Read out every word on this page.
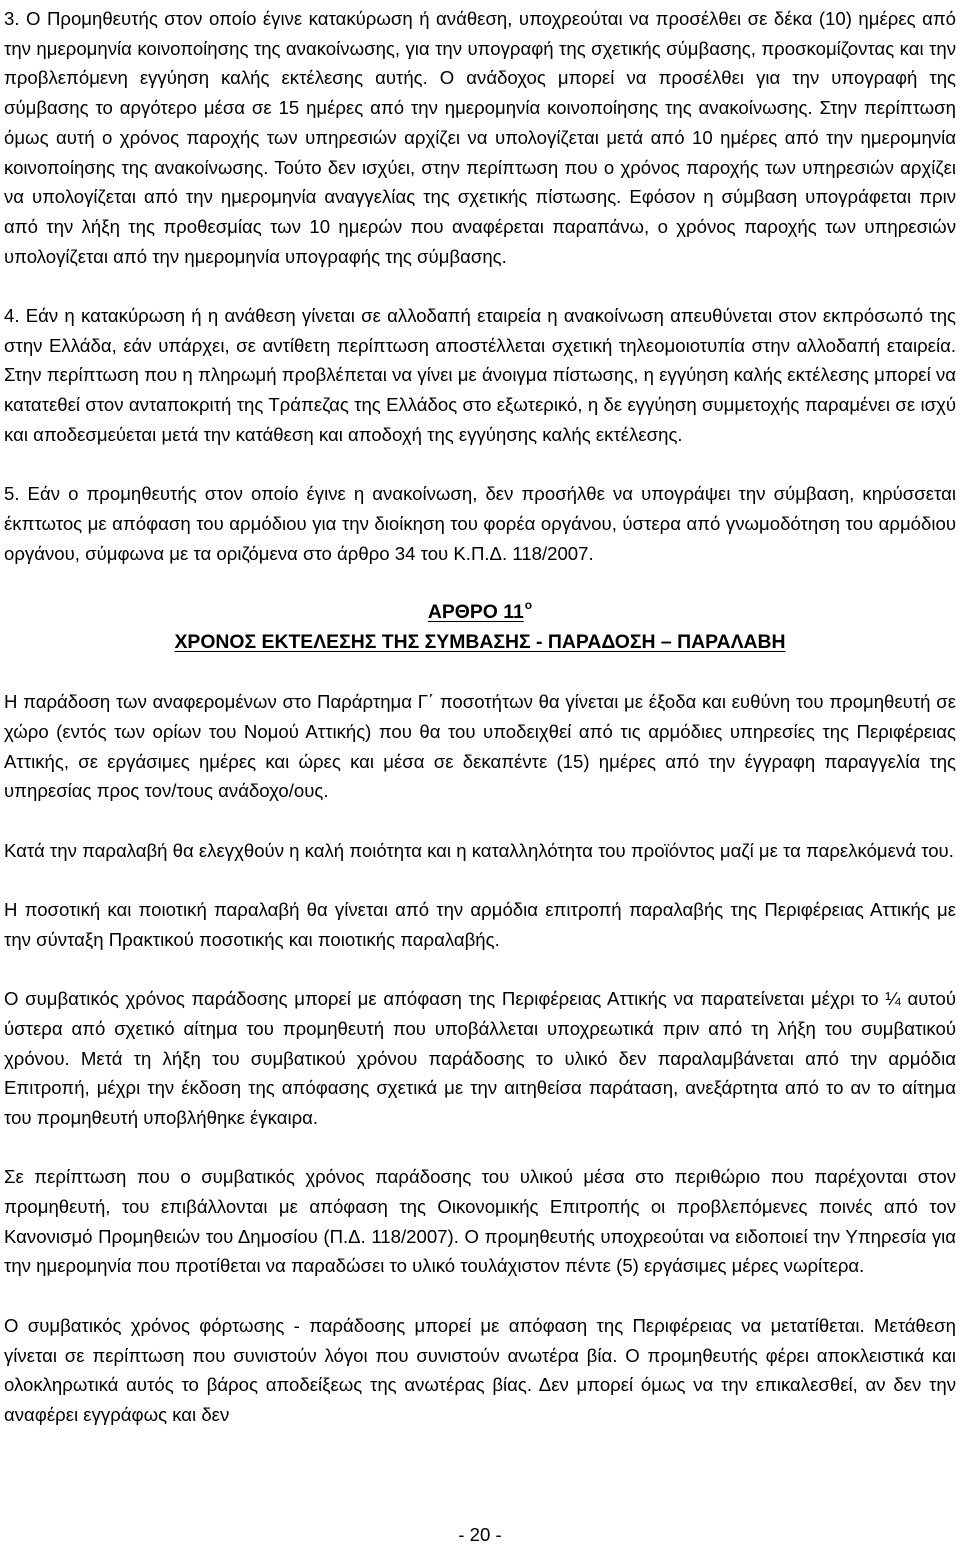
3. Ο Προμηθευτής στον οποίο έγινε κατακύρωση ή ανάθεση, υποχρεούται να προσέλθει σε δέκα (10) ημέρες από την ημερομηνία κοινοποίησης της ανακοίνωσης, για την υπογραφή της σχετικής σύμβασης, προσκομίζοντας και την προβλεπόμενη εγγύηση καλής εκτέλεσης αυτής. Ο ανάδοχος μπορεί να προσέλθει για την υπογραφή της σύμβασης το αργότερο μέσα σε 15 ημέρες από την ημερομηνία κοινοποίησης της ανακοίνωσης. Στην περίπτωση όμως αυτή ο χρόνος παροχής των υπηρεσιών αρχίζει να υπολογίζεται μετά από 10 ημέρες από την ημερομηνία κοινοποίησης της ανακοίνωσης. Τούτο δεν ισχύει, στην περίπτωση που ο χρόνος παροχής των υπηρεσιών αρχίζει να υπολογίζεται από την ημερομηνία αναγγελίας της σχετικής πίστωσης. Εφόσον η σύμβαση υπογράφεται πριν από την λήξη της προθεσμίας των 10 ημερών που αναφέρεται παραπάνω, ο χρόνος παροχής των υπηρεσιών υπολογίζεται από την ημερομηνία υπογραφής της σύμβασης.

4. Εάν η κατακύρωση ή η ανάθεση γίνεται σε αλλοδαπή εταιρεία η ανακοίνωση απευθύνεται στον εκπρόσωπό της στην Ελλάδα, εάν υπάρχει, σε αντίθετη περίπτωση αποστέλλεται σχετική τηλεομοιοτυπία στην αλλοδαπή εταιρεία. Στην περίπτωση που η πληρωμή προβλέπεται να γίνει με άνοιγμα πίστωσης, η εγγύηση καλής εκτέλεσης μπορεί να κατατεθεί στον ανταποκριτή της Τράπεζας της Ελλάδος στο εξωτερικό, η δε εγγύηση συμμετοχής παραμένει σε ισχύ και αποδεσμεύεται μετά την κατάθεση και αποδοχή της εγγύησης καλής εκτέλεσης.

5. Εάν ο προμηθευτής στον οποίο έγινε η ανακοίνωση, δεν προσήλθε να υπογράψει την σύμβαση, κηρύσσεται έκπτωτος με απόφαση του αρμόδιου για την διοίκηση του φορέα οργάνου, ύστερα από γνωμοδότηση του αρμόδιου οργάνου, σύμφωνα με τα οριζόμενα στο άρθρο 34 του Κ.Π.Δ. 118/2007.

ΑΡΘΡΟ $11^o$

ΧΡΟΝΟΣ ΕΚΤΕΛΕΣΗΣ ΤΗΣ ΣΥΜΒΑΣΗΣ - ΠΑΡΑΔΟΣΗ – ΠΑΡΑΛΑΒΗ

Η παράδοση των αναφερομένων στο Παράρτημα Γ΄ ποσοτήτων θα γίνεται με έξοδα και ευθύνη του προμηθευτή σε χώρο (εντός των ορίων του Νομού Αττικής) που θα του υποδειχθεί από τις αρμόδιες υπηρεσίες της Περιφέρειας Αττικής, σε εργάσιμες ημέρες και ώρες και μέσα σε δεκαπέντε (15) ημέρες από την έγγραφη παραγγελία της υπηρεσίας προς τον/τους ανάδοχο/ους.

Κατά την παραλαβή θα ελεγχθούν η καλή ποιότητα και η καταλληλότητα του προϊόντος μαζί με τα παρελκόμενά του.

Η ποσοτική και ποιοτική παραλαβή θα γίνεται από την αρμόδια επιτροπή παραλαβής της Περιφέρειας Αττικής με την σύνταξη Πρακτικού ποσοτικής και ποιοτικής παραλαβής.

Ο συμβατικός χρόνος παράδοσης μπορεί με απόφαση της Περιφέρειας Αττικής να παρατείνεται μέχρι το ¼ αυτού ύστερα από σχετικό αίτημα του προμηθευτή που υποβάλλεται υποχρεωτικά πριν από τη λήξη του συμβατικού χρόνου. Μετά τη λήξη του συμβατικού χρόνου παράδοσης το υλικό δεν παραλαμβάνεται από την αρμόδια Επιτροπή, μέχρι την έκδοση της απόφασης σχετικά με την αιτηθείσα παράταση, ανεξάρτητα από το αν το αίτημα του προμηθευτή υποβλήθηκε έγκαιρα.

Σε περίπτωση που ο συμβατικός χρόνος παράδοσης του υλικού μέσα στο περιθώριο που παρέχονται στον προμηθευτή, του επιβάλλονται με απόφαση της Οικονομικής Επιτροπής οι προβλεπόμενες ποινές από τον Κανονισμό Προμηθειών του Δημοσίου (Π.Δ. 118/2007). Ο προμηθευτής υποχρεούται να ειδοποιεί την Υπηρεσία για την ημερομηνία που προτίθεται να παραδώσει το υλικό τουλάχιστον πέντε (5) εργάσιμες μέρες νωρίτερα.

Ο συμβατικός χρόνος φόρτωσης - παράδοσης μπορεί με απόφαση της Περιφέρειας να μετατίθεται. Μετάθεση γίνεται σε περίπτωση που συνιστούν λόγοι που συνιστούν ανωτέρα βία. Ο προμηθευτής φέρει αποκλειστικά και ολοκληρωτικά αυτός το βάρος αποδείξεως της ανωτέρας βίας. Δεν μπορεί όμως να την επικαλεσθεί, αν δεν την αναφέρει εγγράφως και δεν

- 20 -
